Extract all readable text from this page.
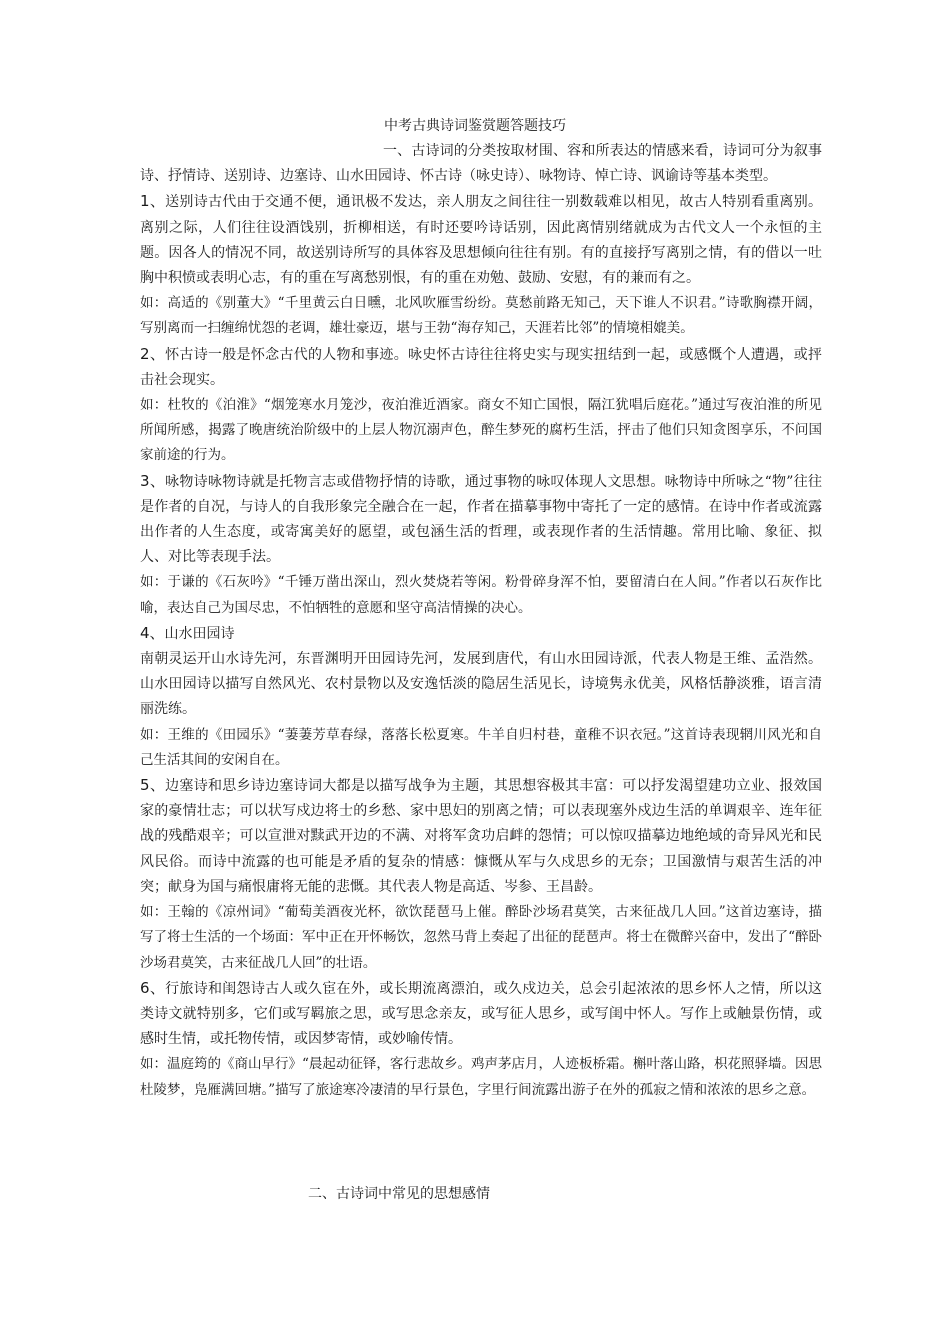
中考古典诗词鉴赏题答题技巧

一、古诗词的分类按取材围、容和所表达的情感来看，诗词可分为叙事诗、抒情诗、送别诗、边塞诗、山水田园诗、怀古诗（咏史诗）、咏物诗、悼亡诗、讽谕诗等基本类型。

1、送别诗古代由于交通不便，通讯极不发达，亲人朋友之间往往一别数载难以相见，故古人特别看重离别。离别之际，人们往往设酒饯别，折柳相送，有时还要吟诗话别，因此离情别绪就成为古代文人一个永恒的主题。因各人的情况不同，故送别诗所写的具体容及思想倾向往往有别。有的直接抒写离别之情，有的借以一吐胸中积愤或表明心志，有的重在写离愁别恨，有的重在劝勉、鼓励、安慰，有的兼而有之。

如：高适的《别董大》“千里黄云白日曛，北风吹雁雪纷纷。莫愁前路无知己，天下谁人不识君。”诗歌胸襟开阔，写别离而一扫缠绵忧怨的老调，雄壮豪迈，堪与王勃“海存知己，天涯若比邻”的情境相媲美。

2、怀古诗一般是怀念古代的人物和事迹。咏史怀古诗往往将史实与现实扭结到一起，或感慨个人遭遇，或抨击社会现实。

如：杜牧的《泊淮》“烟笼寒水月笼沙，夜泊淮近酒家。商女不知亡国恨，隔江犹唱后庭花。”通过写夜泊淮的所见所闻所感，揭露了晚唐统治阶级中的上层人物沉溺声色，醉生梦死的腐朽生活，抨击了他们只知贪图享乐，不问国家前途的行为。

3、咏物诗咏物诗就是托物言志或借物抒情的诗歌，通过事物的咏叹体现人文思想。咏物诗中所咏之“物”往往是作者的自况，与诗人的自我形象完全融合在一起，作者在描摹事物中寄托了一定的感情。在诗中作者或流露出作者的人生态度，或寄寓美好的愿望，或包涵生活的哲理，或表现作者的生活情趣。常用比喻、象征、拟人、对比等表现手法。

如：于谦的《石灰吟》“千锤万凿出深山，烈火焚烧若等闲。粉骨碎身浑不怕，要留清白在人间。”作者以石灰作比喻，表达自己为国尽忠，不怕牺牲的意愿和坚守高洁情操的决心。

4、山水田园诗

南朝灵运开山水诗先河，东晋渊明开田园诗先河，发展到唐代，有山水田园诗派，代表人物是王维、孟浩然。山水田园诗以描写自然风光、农村景物以及安逸恬淡的隐居生活见长，诗境隽永优美，风格恬静淡雅，语言清丽洗练。

如：王维的《田园乐》“萋萋芳草春绿，落落长松夏寒。牛羊自归村巷，童稚不识衣冠。”这首诗表现辋川风光和自己生活其间的安闲自在。

5、边塞诗和思乡诗边塞诗词大都是以描写战争为主题，其思想容极其丰富：可以抒发渴望建功立业、报效国家的豪情壮志；可以状写戍边将士的乡愁、家中思妇的别离之情；可以表现塞外戍边生活的单调艰辛、连年征战的残酷艰辛；可以宣泄对黩武开边的不满、对将军贪功启衅的怨情；可以惊叹描摹边地绝域的奇异风光和民风民俗。而诗中流露的也可能是矛盾的复杂的情感：慷慨从军与久戍思乡的无奈；卫国激情与艰苦生活的冲突；献身为国与痛恨庸将无能的悲慨。其代表人物是高适、岑参、王昌龄。

如：王翰的《凉州词》“葡萄美酒夜光杯，欲饮琵琶马上催。醉卧沙场君莫笑，古来征战几人回。”这首边塞诗，描写了将士生活的一个场面：军中正在开怀畅饮，忽然马背上奏起了出征的琵琶声。将士在微醉兴奋中，发出了“醉卧沙场君莫笑，古来征战几人回”的壮语。

6、行旅诗和闺怨诗古人或久宦在外，或长期流离漂泊，或久戍边关，总会引起浓浓的思乡怀人之情，所以这类诗文就特别多，它们或写羁旅之思，或写思念亲友，或写征人思乡，或写闺中怀人。写作上或触景伤情，或感时生情，或托物传情，或因梦寄情，或妙喻传情。

如：温庭筠的《商山早行》“晨起动征铎，客行悲故乡。鸡声茅店月，人迹板桥霜。槲叶落山路，枳花照驿墙。因思杜陵梦，凫雁满回塘。”描写了旅途寒冷凄清的早行景色，字里行间流露出游子在外的孤寂之情和浓浓的思乡之意。

二、古诗词中常见的思想感情
